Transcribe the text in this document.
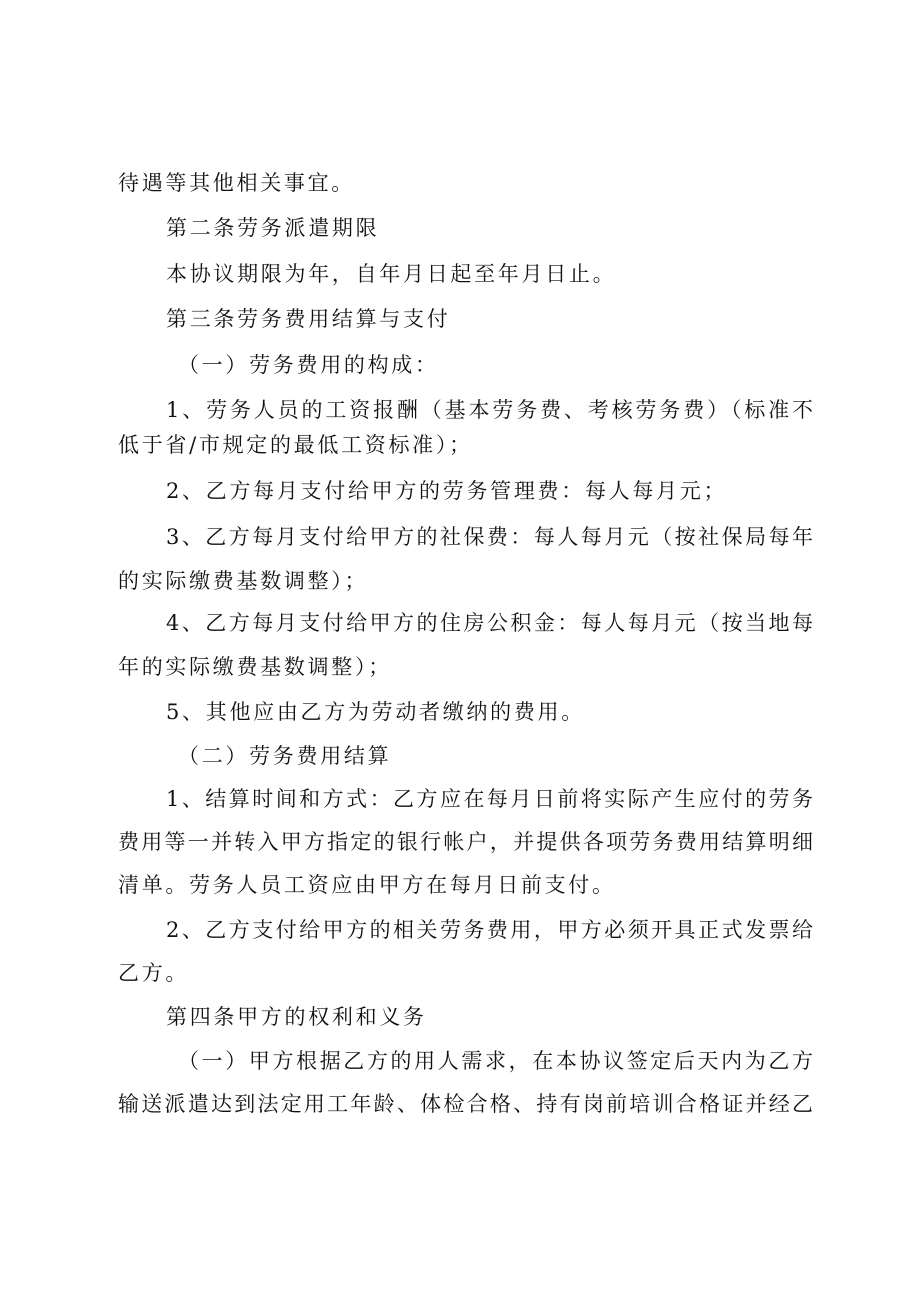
待遇等其他相关事宜。

第二条劳务派遣期限

本协议期限为年，自年月日起至年月日止。

第三条劳务费用结算与支付

（一）劳务费用的构成：

1、劳务人员的工资报酬（基本劳务费、考核劳务费）（标准不

低于省/市规定的最低工资标准）；

2、乙方每月支付给甲方的劳务管理费：每人每月元；

3、乙方每月支付给甲方的社保费：每人每月元（按社保局每年

的实际缴费基数调整）；

4、乙方每月支付给甲方的住房公积金：每人每月元（按当地每

年的实际缴费基数调整）；

5、其他应由乙方为劳动者缴纳的费用。

（二）劳务费用结算

1、结算时间和方式：乙方应在每月日前将实际产生应付的劳务

费用等一并转入甲方指定的银行帐户，并提供各项劳务费用结算明细

清单。劳务人员工资应由甲方在每月日前支付。

2、乙方支付给甲方的相关劳务费用，甲方必须开具正式发票给

乙方。

第四条甲方的权利和义务

（一）甲方根据乙方的用人需求，在本协议签定后天内为乙方

输送派遣达到法定用工年龄、体检合格、持有岗前培训合格证并经乙
